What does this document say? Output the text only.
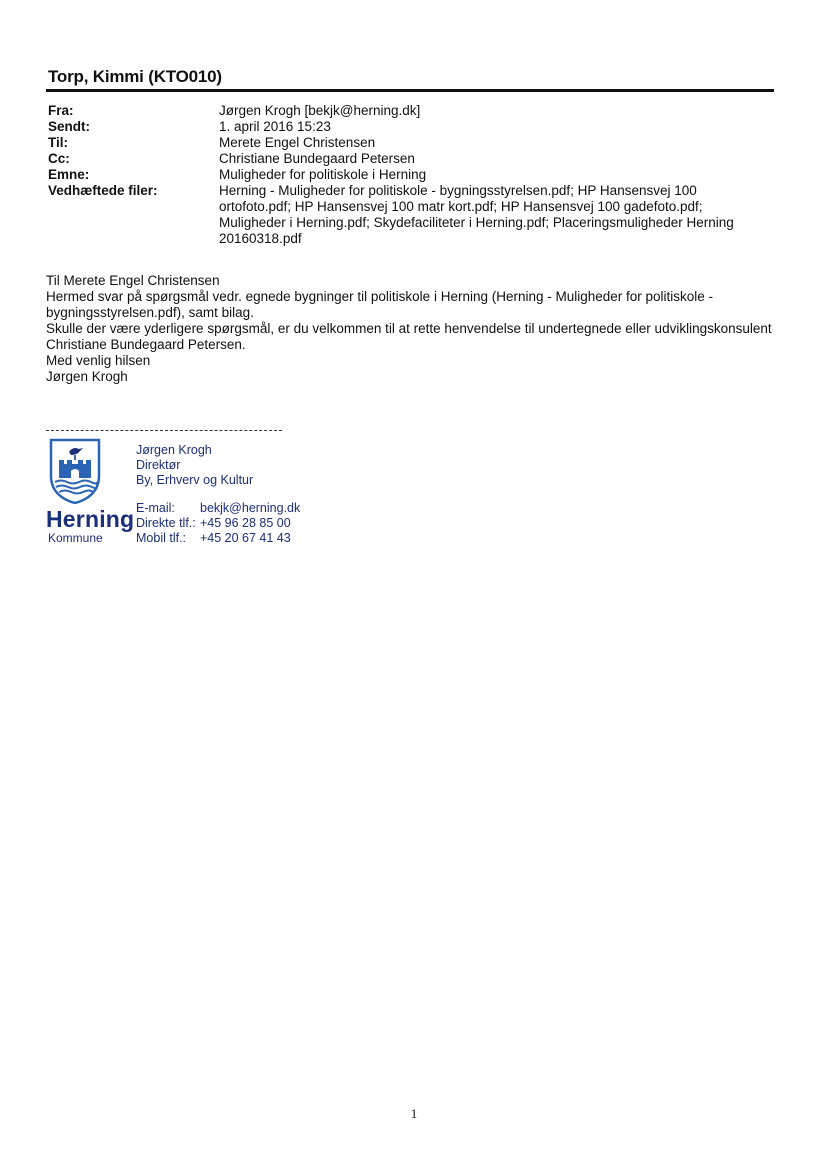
Torp, Kimmi (KTO010)
Fra:	Jørgen Krogh [bekjk@herning.dk]
Sendt:	1. april 2016 15:23
Til:	Merete Engel Christensen
Cc:	Christiane Bundegaard Petersen
Emne:	Muligheder for politiskole i Herning
Vedhæftede filer:	Herning - Muligheder for politiskole - bygningsstyrelsen.pdf; HP Hansensvej 100 ortofoto.pdf; HP Hansensvej 100 matr kort.pdf; HP Hansensvej 100 gadefoto.pdf; Muligheder i Herning.pdf; Skydefaciliteter i Herning.pdf; Placeringsmuligheder Herning 20160318.pdf

Til Merete Engel Christensen

Hermed svar på spørgsmål vedr. egnede bygninger til politiskole i Herning (Herning - Muligheder for politiskole - bygningsstyrelsen.pdf), samt bilag.

Skulle der være yderligere spørgsmål, er du velkommen til at rette henvendelse til undertegnede eller udviklingskonsulent Christiane Bundegaard Petersen.

Med venlig hilsen

Jørgen Krogh

Herning
Kommune
Jørgen Krogh
Direktør
By, Erhverv og Kultur
E-mail:	bekjk@herning.dk
Direkte tlf.: +45 96 28 85 00
Mobil tlf.:	+45 20 67 41 43
1
